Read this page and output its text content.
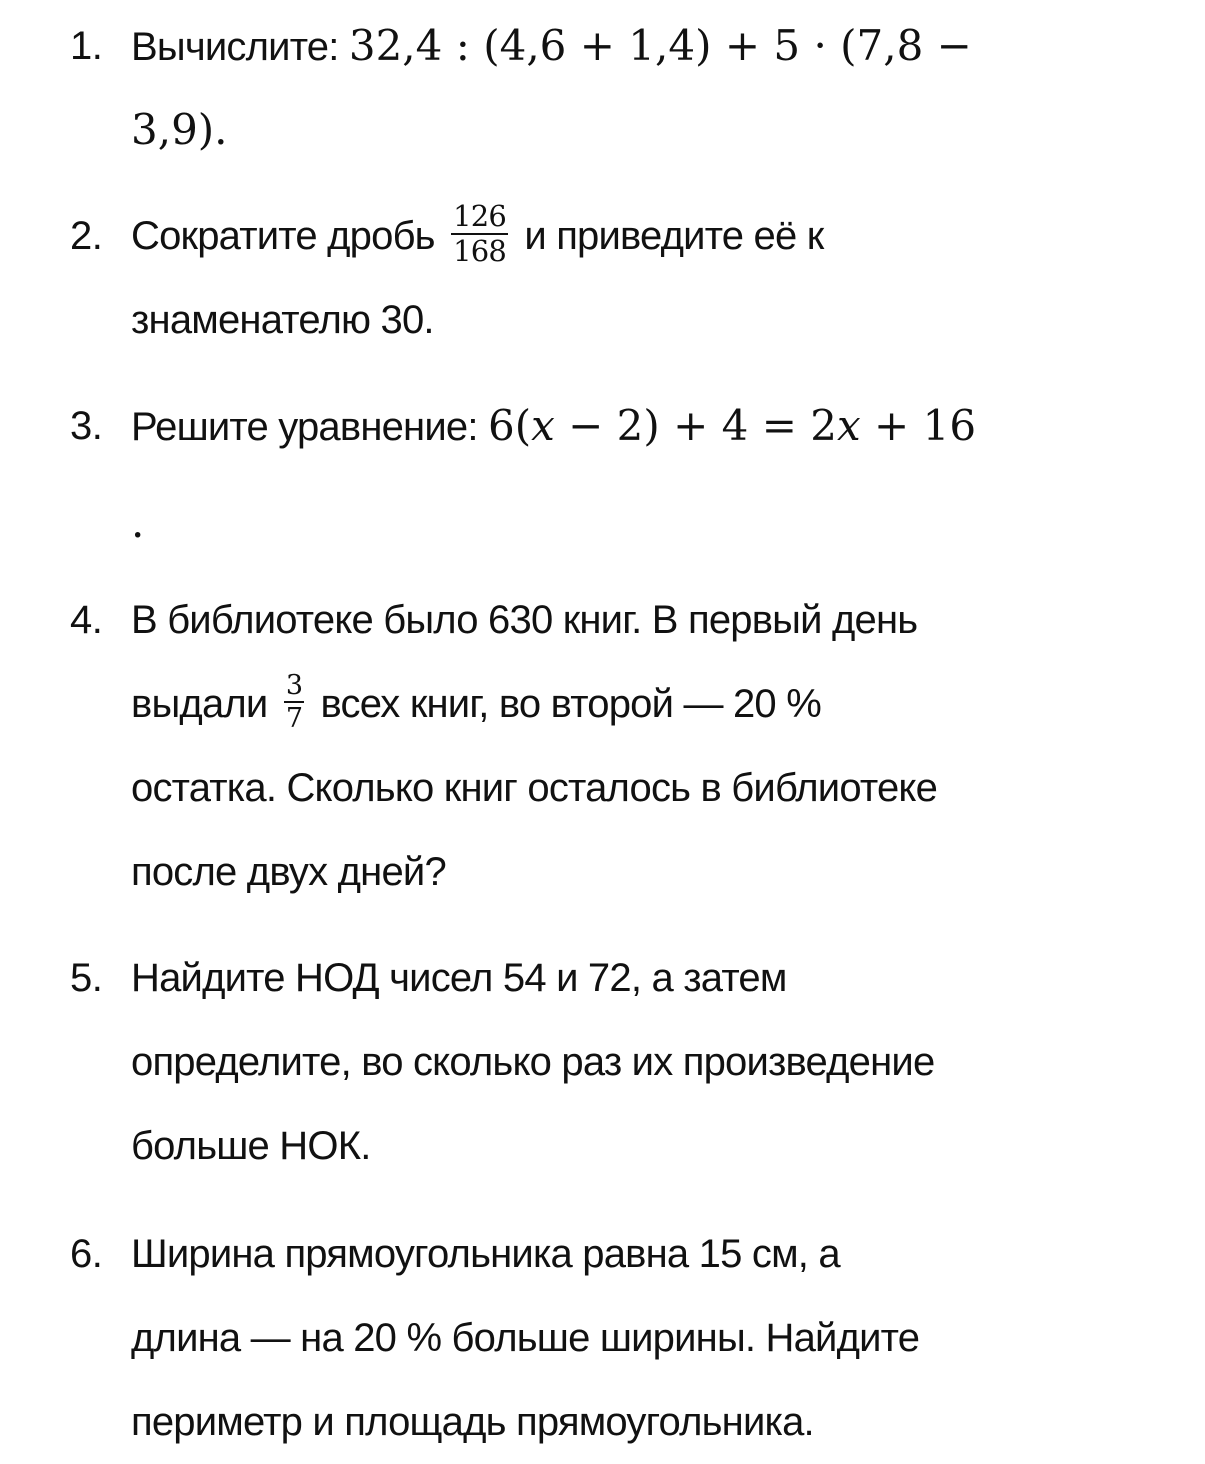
1. Вычислите: 32,4 : (4,6 + 1,4) + 5 · (7,8 −
3,9).
2. Сократите дробь $\frac{126}{168}$ и приведите её к
знаменателю 30.
3. Решите уравнение: 6(x − 2) + 4 = 2x + 16
.
4. В библиотеке было 630 книг. В первый день
выдали $\frac{3}{7}$ всех книг, во второй — 20 %
остатка. Сколько книг осталось в библиотеке
после двух дней?
5. Найдите НОД чисел 54 и 72, а затем
определите, во сколько раз их произведение
больше НОК.
6. Ширина прямоугольника равна 15 см, а
длина — на 20 % больше ширины. Найдите
периметр и площадь прямоугольника.
